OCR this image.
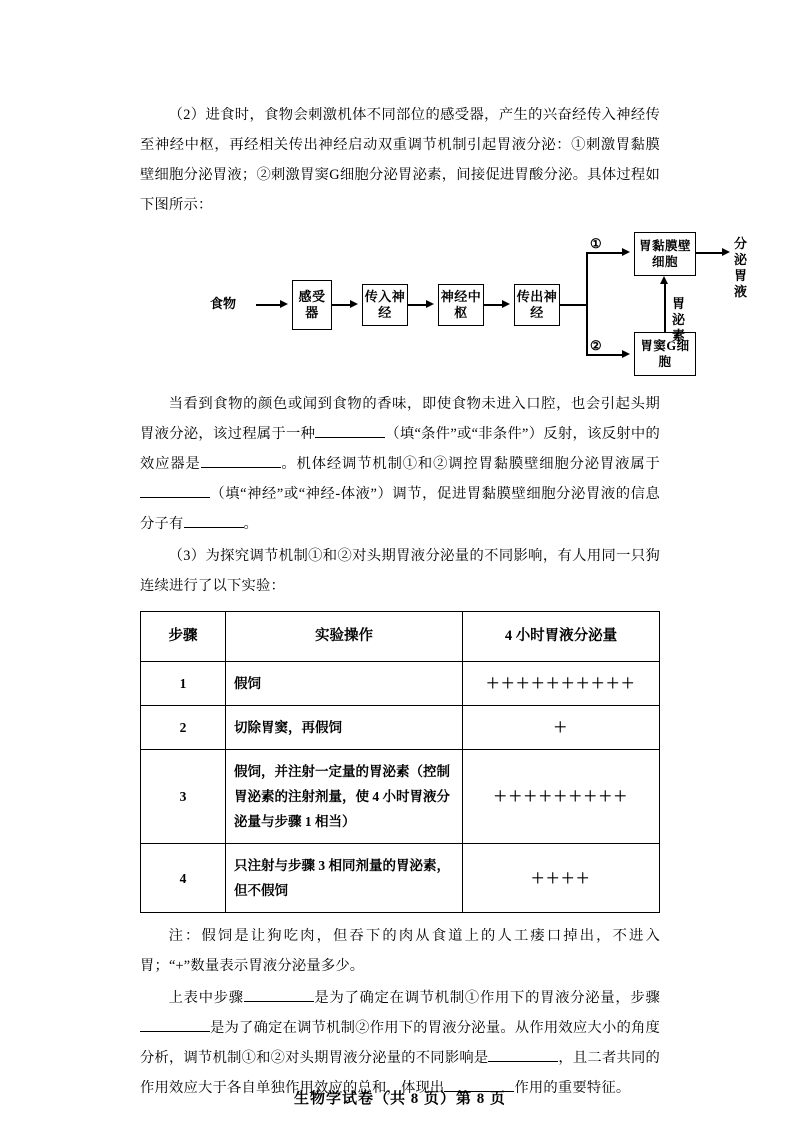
（2）进食时，食物会刺激机体不同部位的感受器，产生的兴奋经传入神经传至神经中枢，再经相关传出神经启动双重调节机制引起胃液分泌：①刺激胃黏膜壁细胞分泌胃液；②刺激胃窦G细胞分泌胃泌素，间接促进胃酸分泌。具体过程如下图所示：

食物	感受器
传入神经
神经中枢
传出神经
①	胃黏膜壁细胞
②	胃窦G细胞
胃泌素
分泌胃液

当看到食物的颜色或闻到食物的香味，即使食物未进入口腔，也会引起头期胃液分泌，该过程属于一种	（填“条件”或“非条件”）反射，该反射中的效应器是	。机体经调节机制①和②调控胃黏膜壁细胞分泌胃液属于（填“神经”或“神经-体液”）调节，促进胃黏膜壁细胞分泌胃液的信息分子有	。

（3）为探究调节机制①和②对头期胃液分泌量的不同影响，有人用同一只狗连续进行了以下实验：

步骤	实验操作	4 小时胃液分泌量
1	假饲	＋＋＋＋＋＋＋＋＋＋
2	切除胃窦，再假饲	＋
3	假饲，并注射一定量的胃泌素（控制胃泌素的注射剂量，使 4 小时胃液分泌量与步骤 1 相当）	＋＋＋＋＋＋＋＋＋
4	只注射与步骤 3 相同剂量的胃泌素，但不假饲	＋＋＋＋

注：假饲是让狗吃肉，但吞下的肉从食道上的人工瘘口掉出，不进入胃；“+”数量表示胃液分泌量多少。

上表中步骤	是为了确定在调节机制①作用下的胃液分泌量，步骤是为了确定在调节机制②作用下的胃液分泌量。从作用效应大小的角度分析，调节机制①和②对头期胃液分泌量的不同影响是	，且二者共同的作用效应大于各自单独作用效应的总和，体现出	作用的重要特征。

生物学试卷（共 8 页）第 8 页
